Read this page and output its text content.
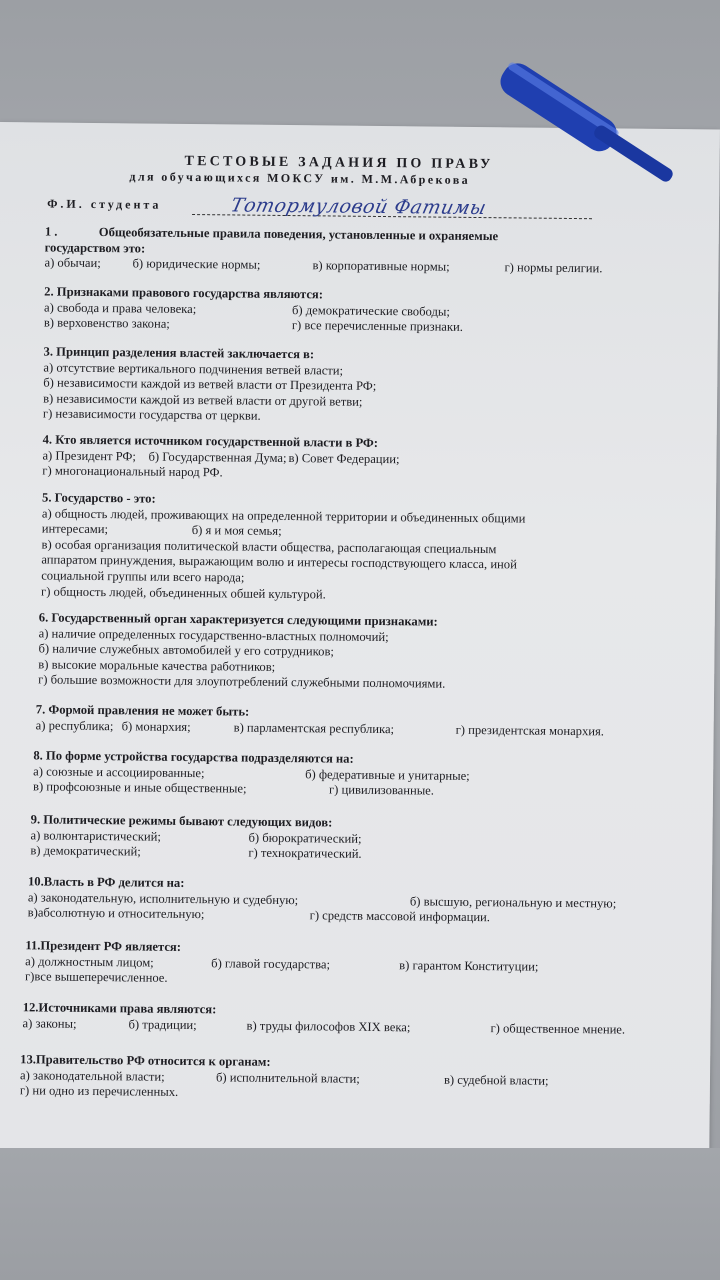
ТЕСТОВЫЕ ЗАДАНИЯ ПО ПРАВУ
для обучающихся МОКСУ им. М.М.Абрекова
Ф.И. студента	Тотормуловой Фатимы
1 .	Общеобязательные правила поведения, установленные и охраняемые
государством это:
а) обычаи;	б) юридические нормы;	в) корпоративные нормы;	г) нормы религии.
2. Признаками правового государства являются:
а) свобода и права человека;	б) демократические свободы;
в) верховенство закона;	г) все перечисленные признаки.
3. Принцип разделения властей заключается в:
а) отсутствие вертикального подчинения ветвей власти;
б) независимости каждой из ветвей власти от Президента РФ;
в) независимости каждой из ветвей власти от другой ветви;
г) независимости государства от церкви.
4. Кто является источником государственной власти в РФ:
а) Президент РФ; б) Государственная Дума; в) Совет Федерации;
г) многонациональный народ РФ.
5. Государство - это:
а) общность людей, проживающих на определенной территории и объединенных общими
интересами;	б) я и моя семья;
в) особая организация политической власти общества, располагающая специальным
аппаратом принуждения, выражающим волю и интересы господствующего класса, иной
социальной группы или всего народа;
г) общность людей, объединенных обшей культурой.
6. Государственный орган характеризуется следующими признаками:
а) наличие определенных государственно-властных полномочий;
б) наличие служебных автомобилей у его сотрудников;
в) высокие моральные качества работников;
г) большие возможности для злоупотреблений служебными полномочиями.
7. Формой правления не может быть:
а) республика; б) монархия;	в) парламентская республика;	г) президентская монархия.
8. По форме устройства государства подразделяются на:
а) союзные и ассоциированные;	б) федеративные и унитарные;
в) профсоюзные и иные общественные;	г) цивилизованные.
9. Политические режимы бывают следующих видов:
а) волюнтаристический;	б) бюрократический;
в) демократический;	г) технократический.
10.Власть в РФ делится на:
а) законодательную, исполнительную и судебную;	б) высшую, региональную и местную;
в)абсолютную и относительную;	г) средств массовой информации.
11.Президент РФ является:
а) должностным лицом;	б) главой государства;	в) гарантом Конституции;
г)все вышеперечисленное.
12.Источниками права являются:
а) законы;	б) традиции;	в) труды философов XIX века;	г) общественное мнение.
13.Правительство РФ относится к органам:
а) законодательной власти;	б) исполнительной власти;	в) судебной власти;
г) ни одно из перечисленных.
